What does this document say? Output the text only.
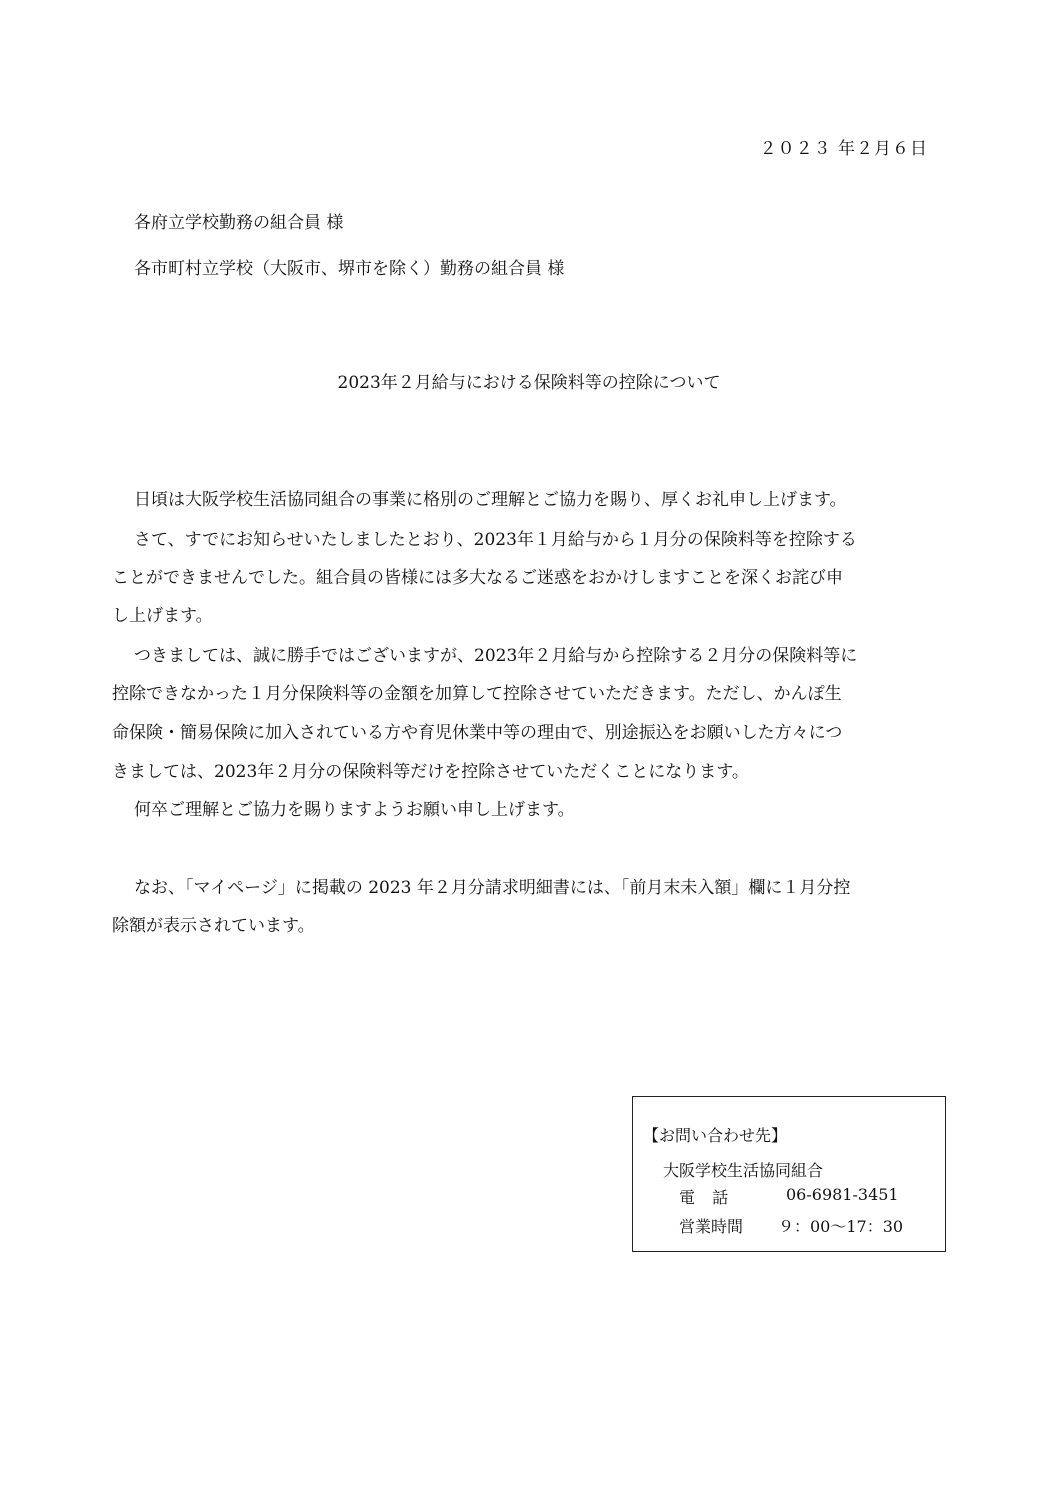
２０２３ 年２月６日
各府立学校勤務の組合員 様
各市町村立学校（大阪市、堺市を除く）勤務の組合員 様
2023年２月給与における保険料等の控除について
日頃は大阪学校生活協同組合の事業に格別のご理解とご協力を賜り、厚くお礼申し上げます。
さて、すでにお知らせいたしましたとおり、2023年１月給与から１月分の保険料等を控除する
ことができませんでした。組合員の皆様には多大なるご迷惑をおかけしますことを深くお詫び申
し上げます。
つきましては、誠に勝手ではございますが、2023年２月給与から控除する２月分の保険料等に
控除できなかった１月分保険料等の金額を加算して控除させていただきます。ただし、かんぽ生
命保険・簡易保険に加入されている方や育児休業中等の理由で、別途振込をお願いした方々につ
きましては、2023年２月分の保険料等だけを控除させていただくことになります。
何卒ご理解とご協力を賜りますようお願い申し上げます。
なお、「マイページ」に掲載の 2023 年２月分請求明細書には、「前月末未入額」欄に１月分控
除額が表示されています。
【お問い合わせ先】
大阪学校生活協同組合
電 話	06-6981-3451
営業時間 ９：00～17：30
